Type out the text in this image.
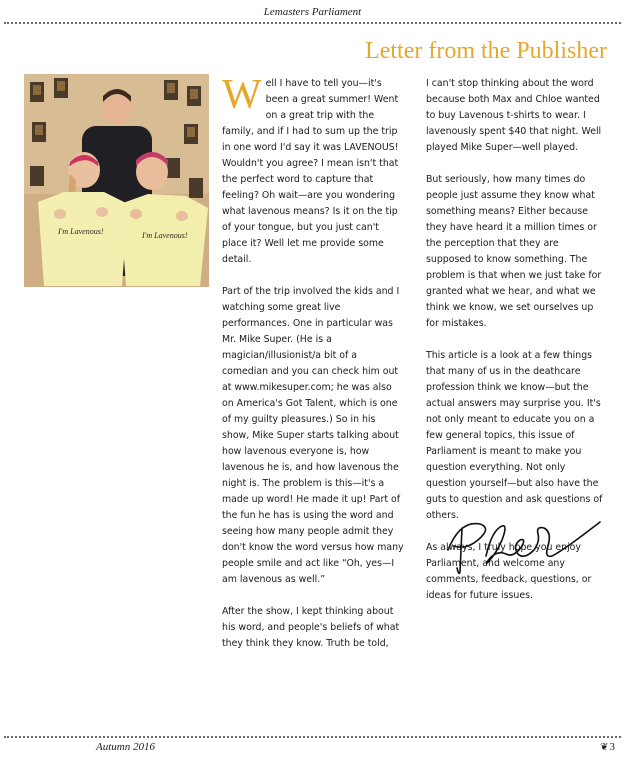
Lemasters Parliament
Letter from the Publisher
I'm Lavenous!	I'm Lavenous!

Well I have to tell you—it's been a great summer! Went on a great trip with the family, and if I had to sum up the trip in one word I'd say it was LAVENOUS! Wouldn't you agree? I mean isn't that the perfect word to capture that feeling? Oh wait—are you wondering what lavenous means? Is it on the tip of your tongue, but you just can't place it? Well let me provide some detail.

Part of the trip involved the kids and I watching some great live performances. One in particular was Mr. Mike Super. (He is a magician/illusionist/a bit of a comedian and you can check him out at www.mikesuper.com; he was also on America's Got Talent, which is one of my guilty pleasures.) So in his show, Mike Super starts talking about how lavenous everyone is, how lavenous he is, and how lavenous the night is. The problem is this—it's a made up word! He made it up! Part of the fun he has is using the word and seeing how many people admit they don't know the word versus how many people smile and act like “Oh, yes—I am lavenous as well.”

After the show, I kept thinking about his word, and people's beliefs of what they think they know. Truth be told,

I can't stop thinking about the word because both Max and Chloe wanted to buy Lavenous t-shirts to wear. I lavenously spent $40 that night. Well played Mike Super—well played.

But seriously, how many times do people just assume they know what something means? Either because they have heard it a million times or the perception that they are supposed to know something. The problem is that when we just take for granted what we hear, and what we think we know, we set ourselves up for mistakes.

This article is a look at a few things that many of us in the deathcare profession think we know—but the actual answers may surprise you. It's not only meant to educate you on a few general topics, this issue of Parliament is meant to make you question everything. Not only question yourself—but also have the guts to question and ask questions of others.

As always, I truly hope you enjoy Parliament, and welcome any comments, feedback, questions, or ideas for future issues.

Autumn 2016	❦3
